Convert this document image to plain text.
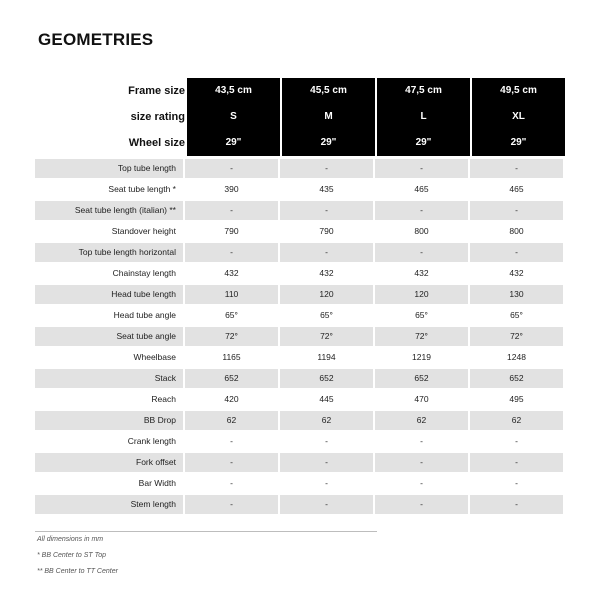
GEOMETRIES
Frame size	43,5 cm	45,5 cm	47,5 cm	49,5 cm
size rating	S	M	L	XL
Wheel size	29"	29"	29"	29"
Top tube length	-	-	-	-
Seat tube length *	390	435	465	465
Seat tube length (italian) **	-	-	-	-
Standover height	790	790	800	800
Top tube length horizontal	-	-	-	-
Chainstay length	432	432	432	432
Head tube length	110	120	120	130
Head tube angle	65°	65°	65°	65°
Seat tube angle	72°	72°	72°	72°
Wheelbase	1165	1194	1219	1248
Stack	652	652	652	652
Reach	420	445	470	495
BB Drop	62	62	62	62
Crank length	-	-	-	-
Fork offset	-	-	-	-
Bar Width	-	-	-	-
Stem length	-	-	-	-
All dimensions in mm
* BB Center to ST Top
** BB Center to TT Center
